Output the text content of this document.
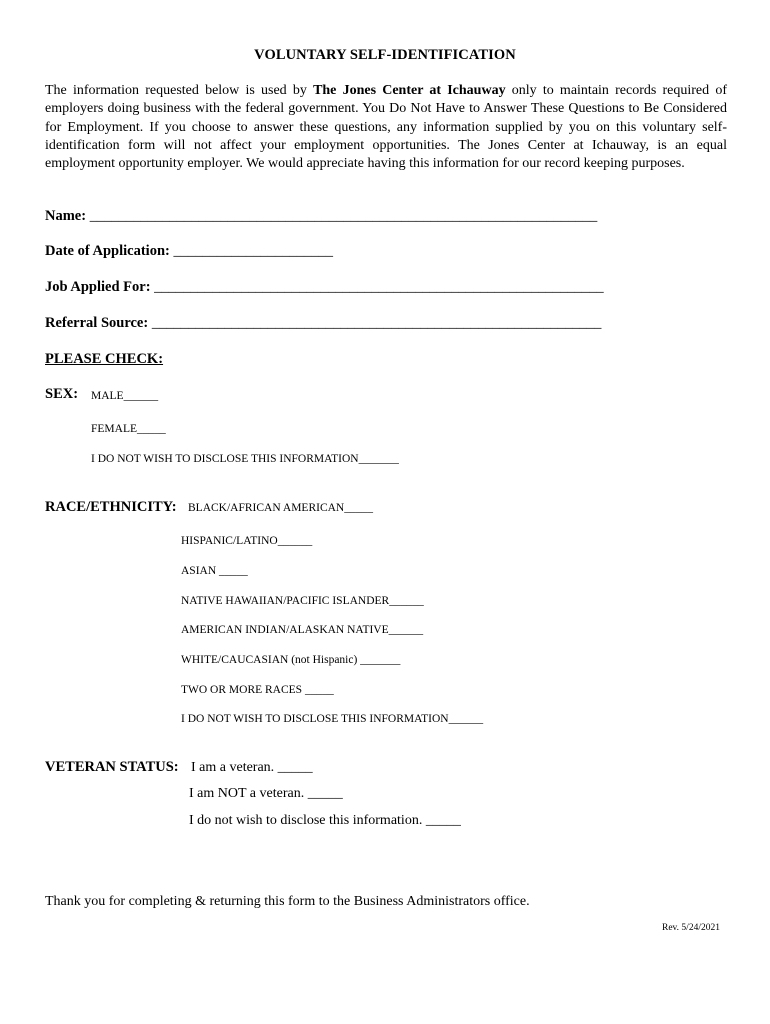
VOLUNTARY SELF-IDENTIFICATION
The information requested below is used by The Jones Center at Ichauway only to maintain records required of employers doing business with the federal government. You Do Not Have to Answer These Questions to Be Considered for Employment. If you choose to answer these questions, any information supplied by you on this voluntary self-identification form will not affect your employment opportunities. The Jones Center at Ichauway, is an equal employment opportunity employer. We would appreciate having this information for our record keeping purposes.
Name: ______________________________________________________________________
Date of Application: ______________________
Job Applied For: ______________________________________________________________
Referral Source: ______________________________________________________________
PLEASE CHECK:
SEX: MALE______
FEMALE_____
I DO NOT WISH TO DISCLOSE THIS INFORMATION_______
RACE/ETHNICITY: BLACK/AFRICAN AMERICAN_____
HISPANIC/LATINO______
ASIAN _____
NATIVE HAWAIIAN/PACIFIC ISLANDER______
AMERICAN INDIAN/ALASKAN NATIVE______
WHITE/CAUCASIAN (not Hispanic) _______
TWO OR MORE RACES _____
I DO NOT WISH TO DISCLOSE THIS INFORMATION______
VETERAN STATUS: I am a veteran. _____
I am NOT a veteran. _____
I do not wish to disclose this information. _____
Thank you for completing & returning this form to the Business Administrators office.
Rev. 5/24/2021
